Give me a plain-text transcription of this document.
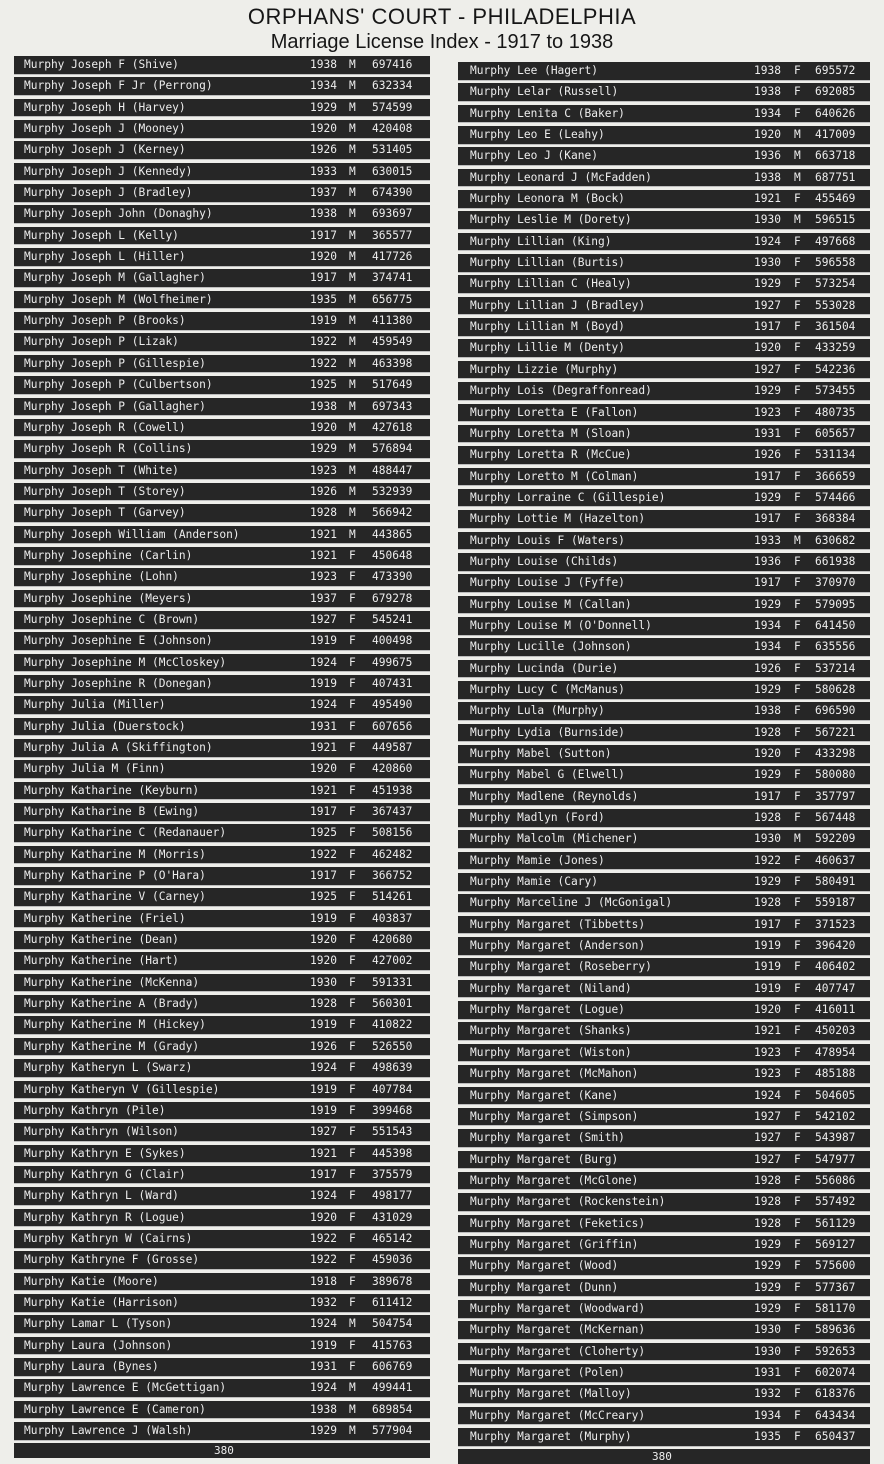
ORPHANS' COURT - PHILADELPHIA
Marriage License Index - 1917 to 1938
Murphy Joseph F (Shive)	1938 M 697416
Murphy Joseph F Jr (Perrong)	1934 M 632334
Murphy Joseph H (Harvey)	1929 M 574599
Murphy Joseph J (Mooney)	1920 M 420408
Murphy Joseph J (Kerney)	1926 M 531405
Murphy Joseph J (Kennedy)	1933 M 630015
Murphy Joseph J (Bradley)	1937 M 674390
Murphy Joseph John (Donaghy)	1938 M 693697
Murphy Joseph L (Kelly)	1917 M 365577
Murphy Joseph L (Hiller)	1920 M 417726
Murphy Joseph M (Gallagher)	1917 M 374741
Murphy Joseph M (Wolfheimer)	1935 M 656775
Murphy Joseph P (Brooks)	1919 M 411380
Murphy Joseph P (Lizak)	1922 M 459549
Murphy Joseph P (Gillespie)	1922 M 463398
Murphy Joseph P (Culbertson)	1925 M 517649
Murphy Joseph P (Gallagher)	1938 M 697343
Murphy Joseph R (Cowell)	1920 M 427618
Murphy Joseph R (Collins)	1929 M 576894
Murphy Joseph T (White)	1923 M 488447
Murphy Joseph T (Storey)	1926 M 532939
Murphy Joseph T (Garvey)	1928 M 566942
Murphy Joseph William (Anderson)	1921 M 443865
Murphy Josephine (Carlin)	1921 F 450648
Murphy Josephine (Lohn)	1923 F 473390
Murphy Josephine (Meyers)	1937 F 679278
Murphy Josephine C (Brown)	1927 F 545241
Murphy Josephine E (Johnson)	1919 F 400498
Murphy Josephine M (McCloskey)	1924 F 499675
Murphy Josephine R (Donegan)	1919 F 407431
Murphy Julia (Miller)	1924 F 495490
Murphy Julia (Duerstock)	1931 F 607656
Murphy Julia A (Skiffington)	1921 F 449587
Murphy Julia M (Finn)	1920 F 420860
Murphy Katharine (Keyburn)	1921 F 451938
Murphy Katharine B (Ewing)	1917 F 367437
Murphy Katharine C (Redanauer)	1925 F 508156
Murphy Katharine M (Morris)	1922 F 462482
Murphy Katharine P (O'Hara)	1917 F 366752
Murphy Katharine V (Carney)	1925 F 514261
Murphy Katherine (Friel)	1919 F 403837
Murphy Katherine (Dean)	1920 F 420680
Murphy Katherine (Hart)	1920 F 427002
Murphy Katherine (McKenna)	1930 F 591331
Murphy Katherine A (Brady)	1928 F 560301
Murphy Katherine M (Hickey)	1919 F 410822
Murphy Katherine M (Grady)	1926 F 526550
Murphy Katheryn L (Swarz)	1924 F 498639
Murphy Katheryn V (Gillespie)	1919 F 407784
Murphy Kathryn (Pile)	1919 F 399468
Murphy Kathryn (Wilson)	1927 F 551543
Murphy Kathryn E (Sykes)	1921 F 445398
Murphy Kathryn G (Clair)	1917 F 375579
Murphy Kathryn L (Ward)	1924 F 498177
Murphy Kathryn R (Logue)	1920 F 431029
Murphy Kathryn W (Cairns)	1922 F 465142
Murphy Kathryne F (Grosse)	1922 F 459036
Murphy Katie (Moore)	1918 F 389678
Murphy Katie (Harrison)	1932 F 611412
Murphy Lamar L (Tyson)	1924 M 504754
Murphy Laura (Johnson)	1919 F 415763
Murphy Laura (Bynes)	1931 F 606769
Murphy Lawrence E (McGettigan)	1924 M 499441
Murphy Lawrence E (Cameron)	1938 M 689854
Murphy Lawrence J (Walsh)	1929 M 577904
380
Murphy Lee (Hagert)	1938 F 695572
Murphy Lelar (Russell)	1938 F 692085
Murphy Lenita C (Baker)	1934 F 640626
Murphy Leo E (Leahy)	1920 M 417009
Murphy Leo J (Kane)	1936 M 663718
Murphy Leonard J (McFadden)	1938 M 687751
Murphy Leonora M (Bock)	1921 F 455469
Murphy Leslie M (Dorety)	1930 M 596515
Murphy Lillian (King)	1924 F 497668
Murphy Lillian (Burtis)	1930 F 596558
Murphy Lillian C (Healy)	1929 F 573254
Murphy Lillian J (Bradley)	1927 F 553028
Murphy Lillian M (Boyd)	1917 F 361504
Murphy Lillie M (Denty)	1920 F 433259
Murphy Lizzie (Murphy)	1927 F 542236
Murphy Lois (Degraffonread)	1929 F 573455
Murphy Loretta E (Fallon)	1923 F 480735
Murphy Loretta M (Sloan)	1931 F 605657
Murphy Loretta R (McCue)	1926 F 531134
Murphy Loretto M (Colman)	1917 F 366659
Murphy Lorraine C (Gillespie)	1929 F 574466
Murphy Lottie M (Hazelton)	1917 F 368384
Murphy Louis F (Waters)	1933 M 630682
Murphy Louise (Childs)	1936 F 661938
Murphy Louise J (Fyffe)	1917 F 370970
Murphy Louise M (Callan)	1929 F 579095
Murphy Louise M (O'Donnell)	1934 F 641450
Murphy Lucille (Johnson)	1934 F 635556
Murphy Lucinda (Durie)	1926 F 537214
Murphy Lucy C (McManus)	1929 F 580628
Murphy Lula (Murphy)	1938 F 696590
Murphy Lydia (Burnside)	1928 F 567221
Murphy Mabel (Sutton)	1920 F 433298
Murphy Mabel G (Elwell)	1929 F 580080
Murphy Madlene (Reynolds)	1917 F 357797
Murphy Madlyn (Ford)	1928 F 567448
Murphy Malcolm (Michener)	1930 M 592209
Murphy Mamie (Jones)	1922 F 460637
Murphy Mamie (Cary)	1929 F 580491
Murphy Marceline J (McGonigal)	1928 F 559187
Murphy Margaret (Tibbetts)	1917 F 371523
Murphy Margaret (Anderson)	1919 F 396420
Murphy Margaret (Roseberry)	1919 F 406402
Murphy Margaret (Niland)	1919 F 407747
Murphy Margaret (Logue)	1920 F 416011
Murphy Margaret (Shanks)	1921 F 450203
Murphy Margaret (Wiston)	1923 F 478954
Murphy Margaret (McMahon)	1923 F 485188
Murphy Margaret (Kane)	1924 F 504605
Murphy Margaret (Simpson)	1927 F 542102
Murphy Margaret (Smith)	1927 F 543987
Murphy Margaret (Burg)	1927 F 547977
Murphy Margaret (McGlone)	1928 F 556086
Murphy Margaret (Rockenstein)	1928 F 557492
Murphy Margaret (Feketics)	1928 F 561129
Murphy Margaret (Griffin)	1929 F 569127
Murphy Margaret (Wood)	1929 F 575600
Murphy Margaret (Dunn)	1929 F 577367
Murphy Margaret (Woodward)	1929 F 581170
Murphy Margaret (McKernan)	1930 F 589636
Murphy Margaret (Cloherty)	1930 F 592653
Murphy Margaret (Polen)	1931 F 602074
Murphy Margaret (Malloy)	1932 F 618376
Murphy Margaret (McCreary)	1934 F 643434
Murphy Margaret (Murphy)	1935 F 650437
380
